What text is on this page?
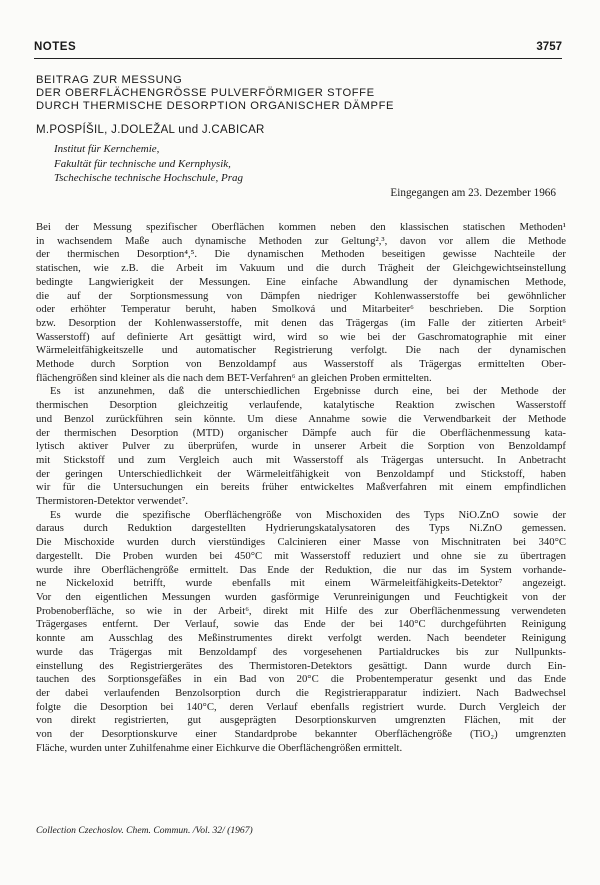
NOTES	3757
BEITRAG ZUR MESSUNG
DER OBERFLÄCHENGRÖSSE PULVERFÖRMIGER STOFFE
DURCH THERMISCHE DESORPTION ORGANISCHER DÄMPFE
M.POSPÍŠIL, J.DOLEŽAL und J.CABICAR
Institut für Kernchemie,
Fakultät für technische und Kernphysik,
Tschechische technische Hochschule, Prag
Eingegangen am 23. Dezember 1966

Bei der Messung spezifischer Oberflächen kommen neben den klassischen statischen Methoden¹
in wachsendem Maße auch dynamische Methoden zur Geltung²,³, davon vor allem die Methode
der thermischen Desorption⁴,⁵. Die dynamischen Methoden beseitigen gewisse Nachteile der
statischen, wie z.B. die Arbeit im Vakuum und die durch Trägheit der Gleichgewichtseinstellung
bedingte Langwierigkeit der Messungen. Eine einfache Abwandlung der dynamischen Methode,
die auf der Sorptionsmessung von Dämpfen niedriger Kohlenwasserstoffe bei gewöhnlicher
oder erhöhter Temperatur beruht, haben Smolková und Mitarbeiter⁶ beschrieben. Die Sorption
bzw. Desorption der Kohlenwasserstoffe, mit denen das Trägergas (im Falle der zitierten Arbeit⁶
Wasserstoff) auf definierte Art gesättigt wird, wird so wie bei der Gaschromatographie mit einer
Wärmeleitfähigkeitszelle und automatischer Registrierung verfolgt. Die nach der dynamischen
Methode durch Sorption von Benzoldampf aus Wasserstoff als Trägergas ermittelten Ober-
flächengrößen sind kleiner als die nach dem BET-Verfahren⁶ an gleichen Proben ermittelten.

Es ist anzunehmen, daß die unterschiedlichen Ergebnisse durch eine, bei der Methode der
thermischen Desorption gleichzeitig verlaufende, katalytische Reaktion zwischen Wasserstoff
und Benzol zurückführen sein könnte. Um diese Annahme sowie die Verwendbarkeit der Methode
der thermischen Desorption (MTD) organischer Dämpfe auch für die Oberflächenmessung kata-
lytisch aktiver Pulver zu überprüfen, wurde in unserer Arbeit die Sorption von Benzoldampf
mit Stickstoff und zum Vergleich auch mit Wasserstoff als Trägergas untersucht. In Anbetracht
der geringen Unterschiedlichkeit der Wärmeleitfähigkeit von Benzoldampf und Stickstoff, haben
wir für die Untersuchungen ein bereits früher entwickeltes Maßverfahren mit einem empfindlichen
Thermistoren-Detektor verwendet⁷.

Es wurde die spezifische Oberflächengröße von Mischoxiden des Typs NiO.ZnO sowie der
daraus durch Reduktion dargestellten Hydrierungskatalysatoren des Typs Ni.ZnO gemessen.
Die Mischoxide wurden durch vierstündiges Calcinieren einer Masse von Mischnitraten bei 340°C
dargestellt. Die Proben wurden bei 450°C mit Wasserstoff reduziert und ohne sie zu übertragen
wurde ihre Oberflächengröße ermittelt. Das Ende der Reduktion, die nur das im System vorhande-
ne Nickeloxid betrifft, wurde ebenfalls mit einem Wärmeleitfähigkeits-Detektor⁷ angezeigt.
Vor den eigentlichen Messungen wurden gasförmige Verunreinigungen und Feuchtigkeit von der
Probenoberfläche, so wie in der Arbeit⁶, direkt mit Hilfe des zur Oberflächenmessung verwendeten
Trägergases entfernt. Der Verlauf, sowie das Ende der bei 140°C durchgeführten Reinigung
konnte am Ausschlag des Meßinstrumentes direkt verfolgt werden. Nach beendeter Reinigung
wurde das Trägergas mit Benzoldampf des vorgesehenen Partialdruckes bis zur Nullpunkts-
einstellung des Registriergerätes des Thermistoren-Detektors gesättigt. Dann wurde durch Ein-
tauchen des Sorptionsgefäßes in ein Bad von 20°C die Probentemperatur gesenkt und das Ende
der dabei verlaufenden Benzolsorption durch die Registrierapparatur indiziert. Nach Badwechsel
folgte die Desorption bei 140°C, deren Verlauf ebenfalls registriert wurde. Durch Vergleich der
von direkt registrierten, gut ausgeprägten Desorptionskurven umgrenzten Flächen, mit der
von der Desorptionskurve einer Standardprobe bekannter Oberflächengröße (TiO₂) umgrenzten
Fläche, wurden unter Zuhilfenahme einer Eichkurve die Oberflächengrößen ermittelt.

Collection Czechoslov. Chem. Commun. /Vol. 32/ (1967)
